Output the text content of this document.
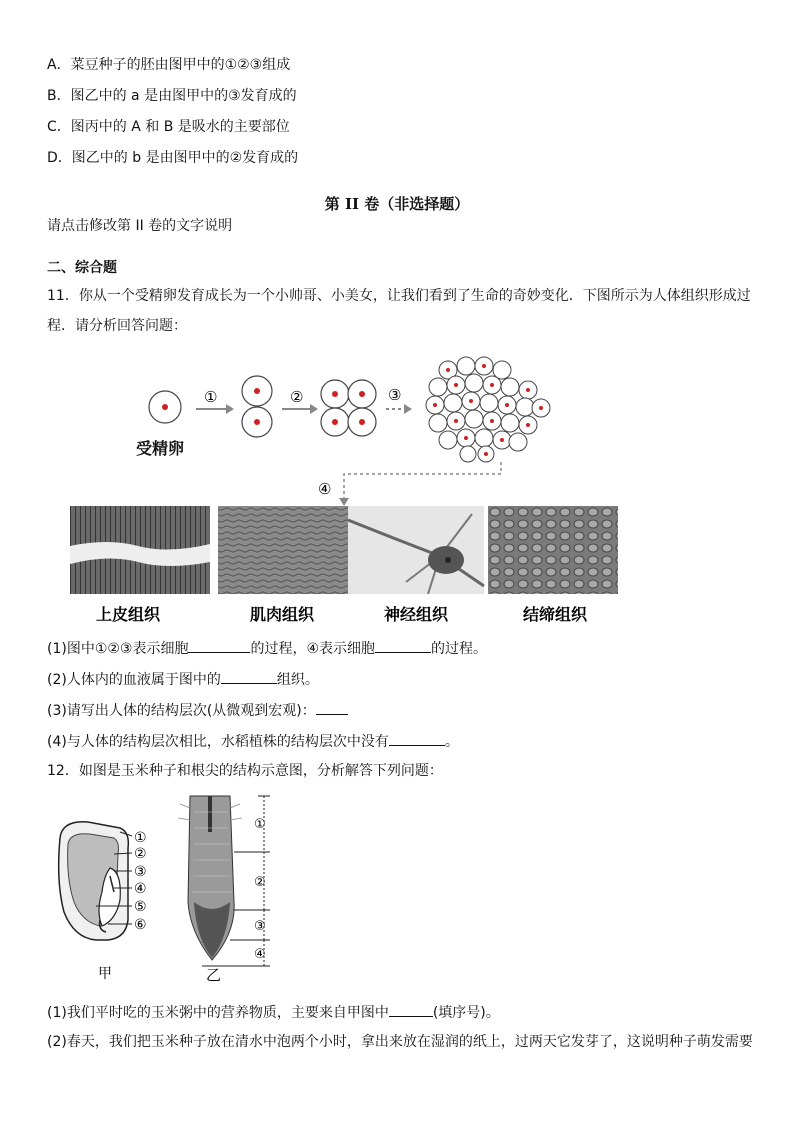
A．菜豆种子的胚由图甲中的①②③组成
B．图乙中的 a 是由图甲中的③发育成的
C．图丙中的 A 和 B 是吸水的主要部位
D．图乙中的 b 是由图甲中的②发育成的
第 II 卷（非选择题）
请点击修改第 II 卷的文字说明
二、综合题
11．你从一个受精卵发育成长为一个小帅哥、小美女，让我们看到了生命的奇妙变化．下图所示为人体组织形成过
程．请分析回答问题：
受精卵
①	②	③
④
上皮组织	肌肉组织	神经组织	结缔组织
(1)图中①②③表示细胞	的过程，④表示细胞	的过程。
(2)人体内的血液属于图中的	组织。
(3)请写出人体的结构层次(从微观到宏观)：
(4)与人体的结构层次相比，水稻植株的结构层次中没有	。
12．如图是玉米种子和根尖的结构示意图，分析解答下列问题：
①
②
③
④
⑤
⑥
甲
①
②
③
④
乙
(1)我们平时吃的玉米粥中的营养物质，主要来自甲图中	(填序号)。
(2)春天，我们把玉米种子放在清水中泡两个小时，拿出来放在湿润的纸上，过两天它发芽了，这说明种子萌发需要
